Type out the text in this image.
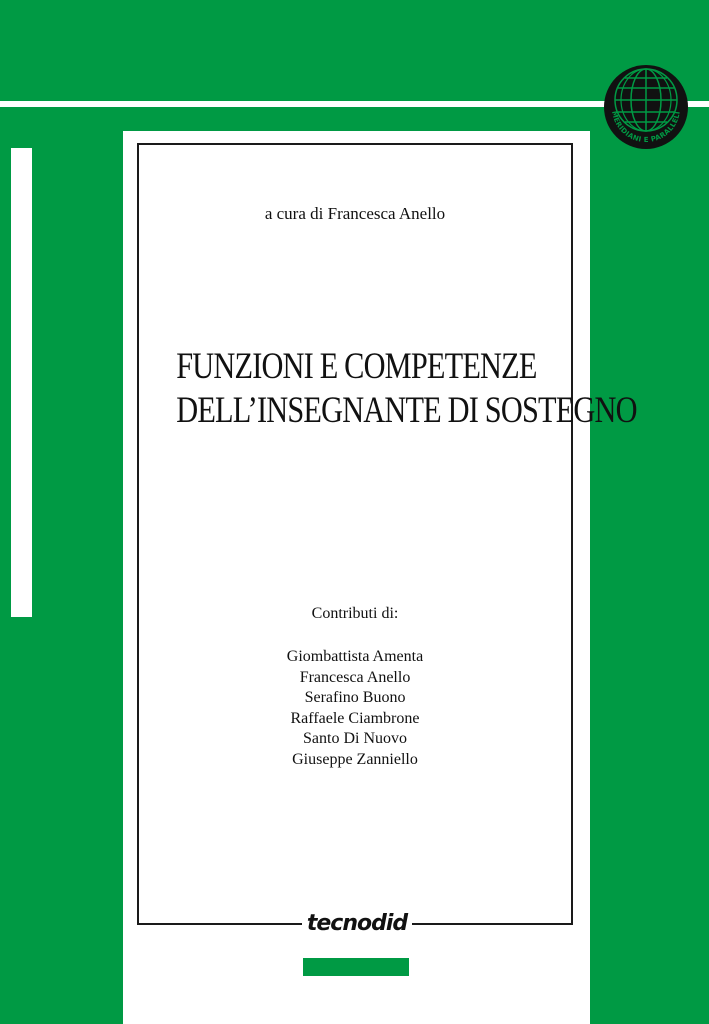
a cura di Francesca Anello
FUNZIONI E COMPETENZE
DELL’INSEGNANTE DI SOSTEGNO
Contributi di:
Giombattista Amenta
Francesca Anello
Serafino Buono
Raffaele Ciambrone
Santo Di Nuovo
Giuseppe Zanniello
tecnodid
MERIDIANI E PARALLELI
